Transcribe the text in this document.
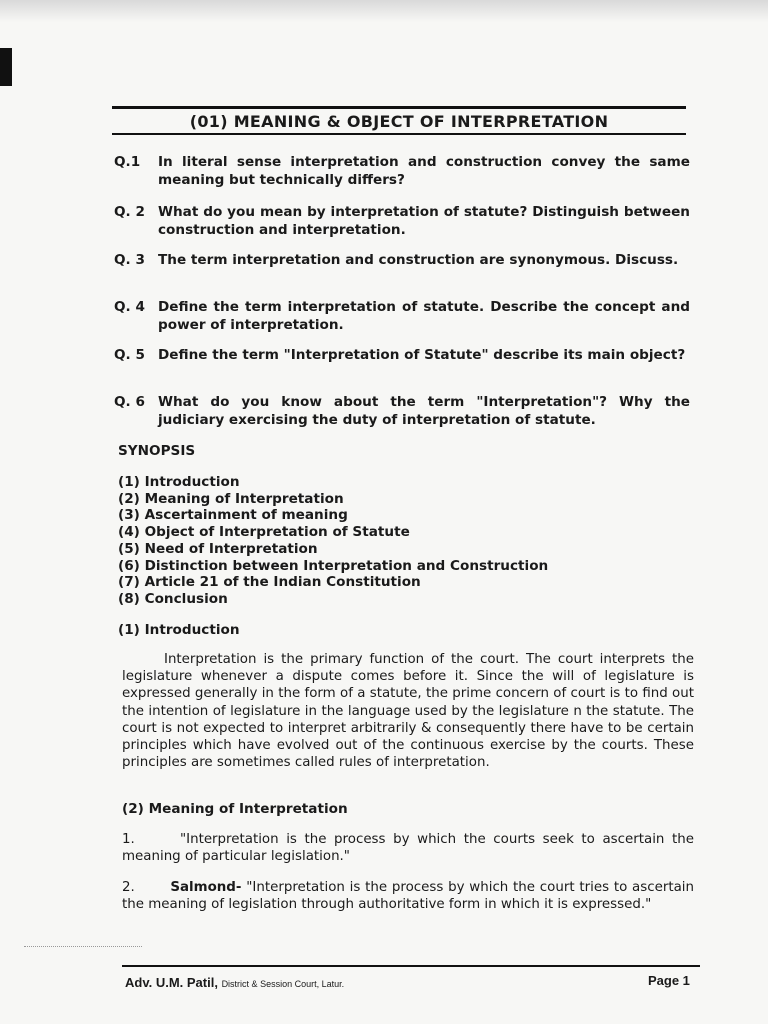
(01) MEANING & OBJECT OF INTERPRETATION
Q.1 In literal sense interpretation and construction convey the same meaning but technically differs?
Q. 2 What do you mean by interpretation of statute? Distinguish between construction and interpretation.
Q. 3 The term interpretation and construction are synonymous. Discuss.
Q. 4 Define the term interpretation of statute. Describe the concept and power of interpretation.
Q. 5 Define the term "Interpretation of Statute" describe its main object?
Q. 6 What do you know about the term "Interpretation"? Why the judiciary exercising the duty of interpretation of statute.
SYNOPSIS
(1) Introduction
(2) Meaning of Interpretation
(3) Ascertainment of meaning
(4) Object of Interpretation of Statute
(5) Need of Interpretation
(6) Distinction between Interpretation and Construction
(7) Article 21 of the Indian Constitution
(8) Conclusion
(1) Introduction

Interpretation is the primary function of the court. The court interprets the legislature whenever a dispute comes before it. Since the will of legislature is expressed generally in the form of a statute, the prime concern of court is to find out the intention of legislature in the language used by the legislature n the statute. The court is not expected to interpret arbitrarily & consequently there have to be certain principles which have evolved out of the continuous exercise by the courts. These principles are sometimes called rules of interpretation.

(2) Meaning of Interpretation

1.	"Interpretation is the process by which the courts seek to ascertain the meaning of particular legislation."

2.	Salmond- "Interpretation is the process by which the court tries to ascertain the meaning of legislation through authoritative form in which it is expressed."

Adv. U.M. Patil, District & Session Court, Latur.	Page 1
